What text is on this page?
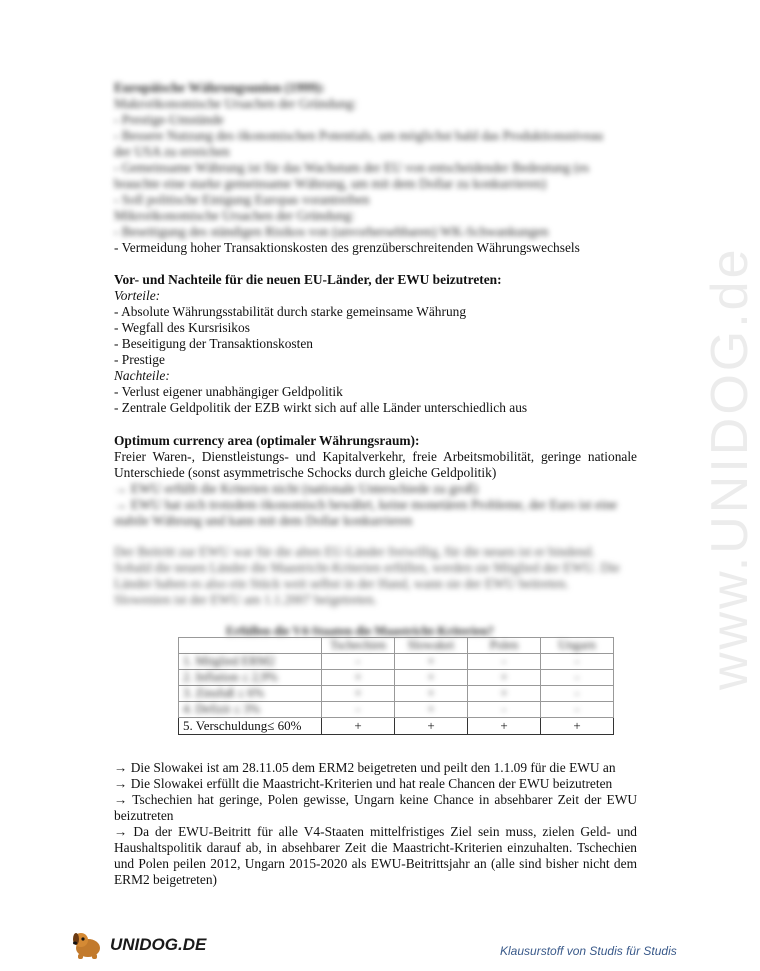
www.UNIDOG.de
Europäische Währungsunion (1999):
Makroökonomische Ursachen der Gründung:
- Prestige-Umstände
- Bessere Nutzung des ökonomischen Potentials, um möglichst bald das Produktionsniveau
der USA zu erreichen
- Gemeinsame Währung ist für das Wachstum der EU von entscheidender Bedeutung (es
brauchte eine starke gemeinsame Währung, um mit dem Dollar zu konkurrieren)
- Soll politische Einigung Europas vorantreiben
Mikroökonomische Ursachen der Gründung:
- Beseitigung des ständigen Risikos von (unvorhersehbaren) WK-Schwankungen
- Vermeidung hoher Transaktionskosten des grenzüberschreitenden Währungswechsels
Vor- und Nachteile für die neuen EU-Länder, der EWU beizutreten:
Vorteile:
- Absolute Währungsstabilität durch starke gemeinsame Währung
- Wegfall des Kursrisikos
- Beseitigung der Transaktionskosten
- Prestige
Nachteile:
- Verlust eigener unabhängiger Geldpolitik
- Zentrale Geldpolitik der EZB wirkt sich auf alle Länder unterschiedlich aus
Optimum currency area (optimaler Währungsraum):
Freier Waren-, Dienstleistungs- und Kapitalverkehr, freie Arbeitsmobilität, geringe nationale Unterschiede (sonst asymmetrische Schocks durch gleiche Geldpolitik)
→ EWU erfüllt die Kriterien nicht (nationale Unterschiede zu groß)
→ EWU hat sich trotzdem ökonomisch bewährt, keine monetären Probleme, der Euro ist eine
stabile Währung und kann mit dem Dollar konkurrieren
Der Beitritt zur EWU war für die alten EU-Länder freiwillig, für die neuen ist er bindend.
Sobald die neuen Länder die Maastricht-Kriterien erfüllen, werden sie Mitglied der EWU. Die
Länder haben es also ein Stück weit selbst in der Hand, wann sie der EWU beitreten.
Slowenien ist der EWU am 1.1.2007 beigetreten.
Erfüllen die V4-Staaten die Maastricht-Kriterien?
	Tschechien	Slowakei	Polen	Ungarn
1. Mitglied ERM2	-	+	-	-
2. Inflation ≤ 2,9%	+	+	+	-
3. Zinsfuß ≤ 6%	+	+	+	-
4. Defizit ≤ 3%	-	+	-	-
5. Verschuldung≤ 60%	+	+	+	+
→ Die Slowakei ist am 28.11.05 dem ERM2 beigetreten und peilt den 1.1.09 für die EWU an
→ Die Slowakei erfüllt die Maastricht-Kriterien und hat reale Chancen der EWU beizutreten
→ Tschechien hat geringe, Polen gewisse, Ungarn keine Chance in absehbarer Zeit der EWU beizutreten
→ Da der EWU-Beitritt für alle V4-Staaten mittelfristiges Ziel sein muss, zielen Geld- und Haushaltspolitik darauf ab, in absehbarer Zeit die Maastricht-Kriterien einzuhalten. Tschechien und Polen peilen 2012, Ungarn 2015-2020 als EWU-Beitrittsjahr an (alle sind bisher nicht dem ERM2 beigetreten)
UNIDOG.DE	Klausurstoff von Studis für Studis
